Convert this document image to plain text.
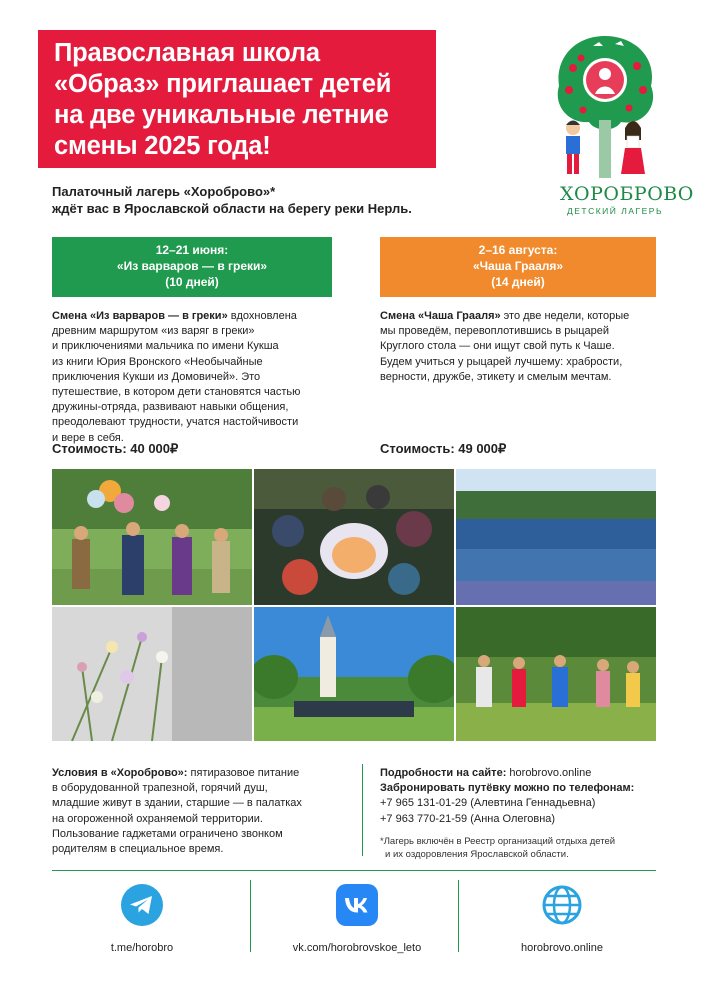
Православная школа
«Образ» приглашает детей
на две уникальные летние
смены 2025 года!
Палаточный лагерь «Хороброво»*
ждёт вас в Ярославской области на берегу реки Нерль.
ХОРОБРОВО
ДЕТСКИЙ ЛАГЕРЬ
12–21 июня:
«Из варваров — в греки»
(10 дней)
2–16 августа:
«Чаша Грааля»
(14 дней)
Смена «Из варваров — в греки» вдохновлена
древним маршрутом «из варяг в греки»
и приключениями мальчика по имени Кукша
из книги Юрия Вронского «Необычайные
приключения Кукши из Домовичей». Это
путешествие, в котором дети становятся частью
дружины-отряда, развивают навыки общения,
преодолевают трудности, учатся настойчивости
и вере в себя.
Смена «Чаша Грааля» это две недели, которые
мы проведём, перевоплотившись в рыцарей
Круглого стола — они ищут свой путь к Чаше.
Будем учиться у рыцарей лучшему: храбрости,
верности, дружбе, этикету и смелым мечтам.
Стоимость: 40 000₽	Стоимость: 49 000₽
Условия в «Хороброво»: пятиразовое питание
в оборудованной трапезной, горячий душ,
младшие живут в здании, старшие — в палатках
на огороженной охраняемой территории.
Пользование гаджетами ограничено звонком
родителям в специальное время.
Подробности на сайте: horobrovo.online
Забронировать путёвку можно по телефонам:
+7 965 131-01-29 (Алевтина Геннадьевна)
+7 963 770-21-59 (Анна Олеговна)
*Лагерь включён в Реестр организаций отдыха детей
и их оздоровления Ярославской области.
t.me/horobro	vk.com/horobrovskoe_leto	horobrovo.online
